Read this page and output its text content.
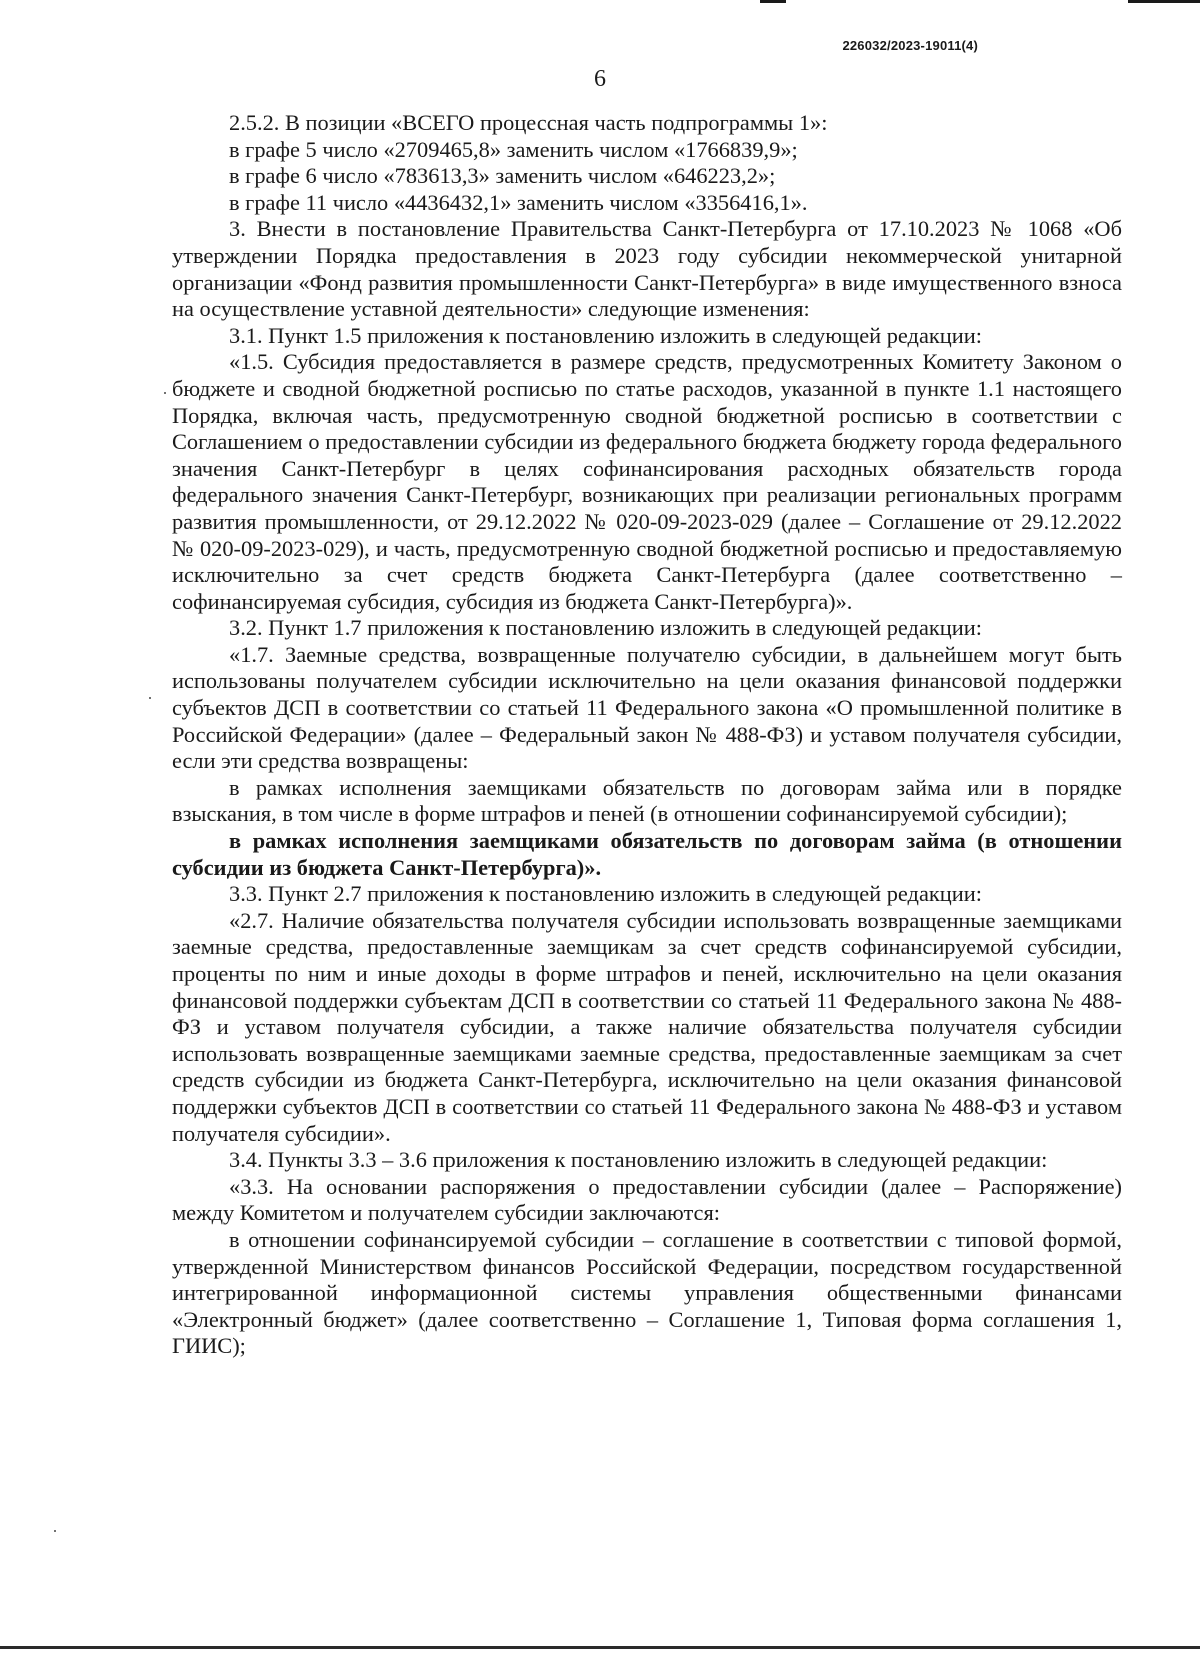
226032/2023-19011(4)
6

2.5.2. В позиции «ВСЕГО процессная часть подпрограммы 1»:

в графе 5 число «2709465,8» заменить числом «1766839,9»;

в графе 6 число «783613,3» заменить числом «646223,2»;

в графе 11 число «4436432,1» заменить числом «3356416,1».

3. Внести в постановление Правительства Санкт-Петербурга от 17.10.2023 № 1068 «Об утверждении Порядка предоставления в 2023 году субсидии некоммерческой унитарной организации «Фонд развития промышленности Санкт-Петербурга» в виде имущественного взноса на осуществление уставной деятельности» следующие изменения:

3.1. Пункт 1.5 приложения к постановлению изложить в следующей редакции:

«1.5. Субсидия предоставляется в размере средств, предусмотренных Комитету Законом о бюджете и сводной бюджетной росписью по статье расходов, указанной в пункте 1.1 настоящего Порядка, включая часть, предусмотренную сводной бюджетной росписью в соответствии с Соглашением о предоставлении субсидии из федерального бюджета бюджету города федерального значения Санкт-Петербург в целях софинансирования расходных обязательств города федерального значения Санкт-Петербург, возникающих при реализации региональных программ развития промышленности, от 29.12.2022 № 020-09-2023-029 (далее – Соглашение от 29.12.2022 № 020-09-2023-029), и часть, предусмотренную сводной бюджетной росписью и предоставляемую исключительно за счет средств бюджета Санкт-Петербурга (далее соответственно – софинансируемая субсидия, субсидия из бюджета Санкт-Петербурга)».

3.2. Пункт 1.7 приложения к постановлению изложить в следующей редакции:

«1.7. Заемные средства, возвращенные получателю субсидии, в дальнейшем могут быть использованы получателем субсидии исключительно на цели оказания финансовой поддержки субъектов ДСП в соответствии со статьей 11 Федерального закона «О промышленной политике в Российской Федерации» (далее – Федеральный закон № 488-ФЗ) и уставом получателя субсидии, если эти средства возвращены:

в рамках исполнения заемщиками обязательств по договорам займа или в порядке взыскания, в том числе в форме штрафов и пеней (в отношении софинансируемой субсидии);

в рамках исполнения заемщиками обязательств по договорам займа (в отношении субсидии из бюджета Санкт-Петербурга)».

3.3. Пункт 2.7 приложения к постановлению изложить в следующей редакции:

«2.7. Наличие обязательства получателя субсидии использовать возвращенные заемщиками заемные средства, предоставленные заемщикам за счет средств софинансируемой субсидии, проценты по ним и иные доходы в форме штрафов и пеней, исключительно на цели оказания финансовой поддержки субъектам ДСП в соответствии со статьей 11 Федерального закона № 488-ФЗ и уставом получателя субсидии, а также наличие обязательства получателя субсидии использовать возвращенные заемщиками заемные средства, предоставленные заемщикам за счет средств субсидии из бюджета Санкт-Петербурга, исключительно на цели оказания финансовой поддержки субъектов ДСП в соответствии со статьей 11 Федерального закона № 488-ФЗ и уставом получателя субсидии».

3.4. Пункты 3.3 – 3.6 приложения к постановлению изложить в следующей редакции:

«3.3. На основании распоряжения о предоставлении субсидии (далее – Распоряжение) между Комитетом и получателем субсидии заключаются:

в отношении софинансируемой субсидии – соглашение в соответствии с типовой формой, утвержденной Министерством финансов Российской Федерации, посредством государственной интегрированной информационной системы управления общественными финансами «Электронный бюджет» (далее соответственно – Соглашение 1, Типовая форма соглашения 1, ГИИС);
